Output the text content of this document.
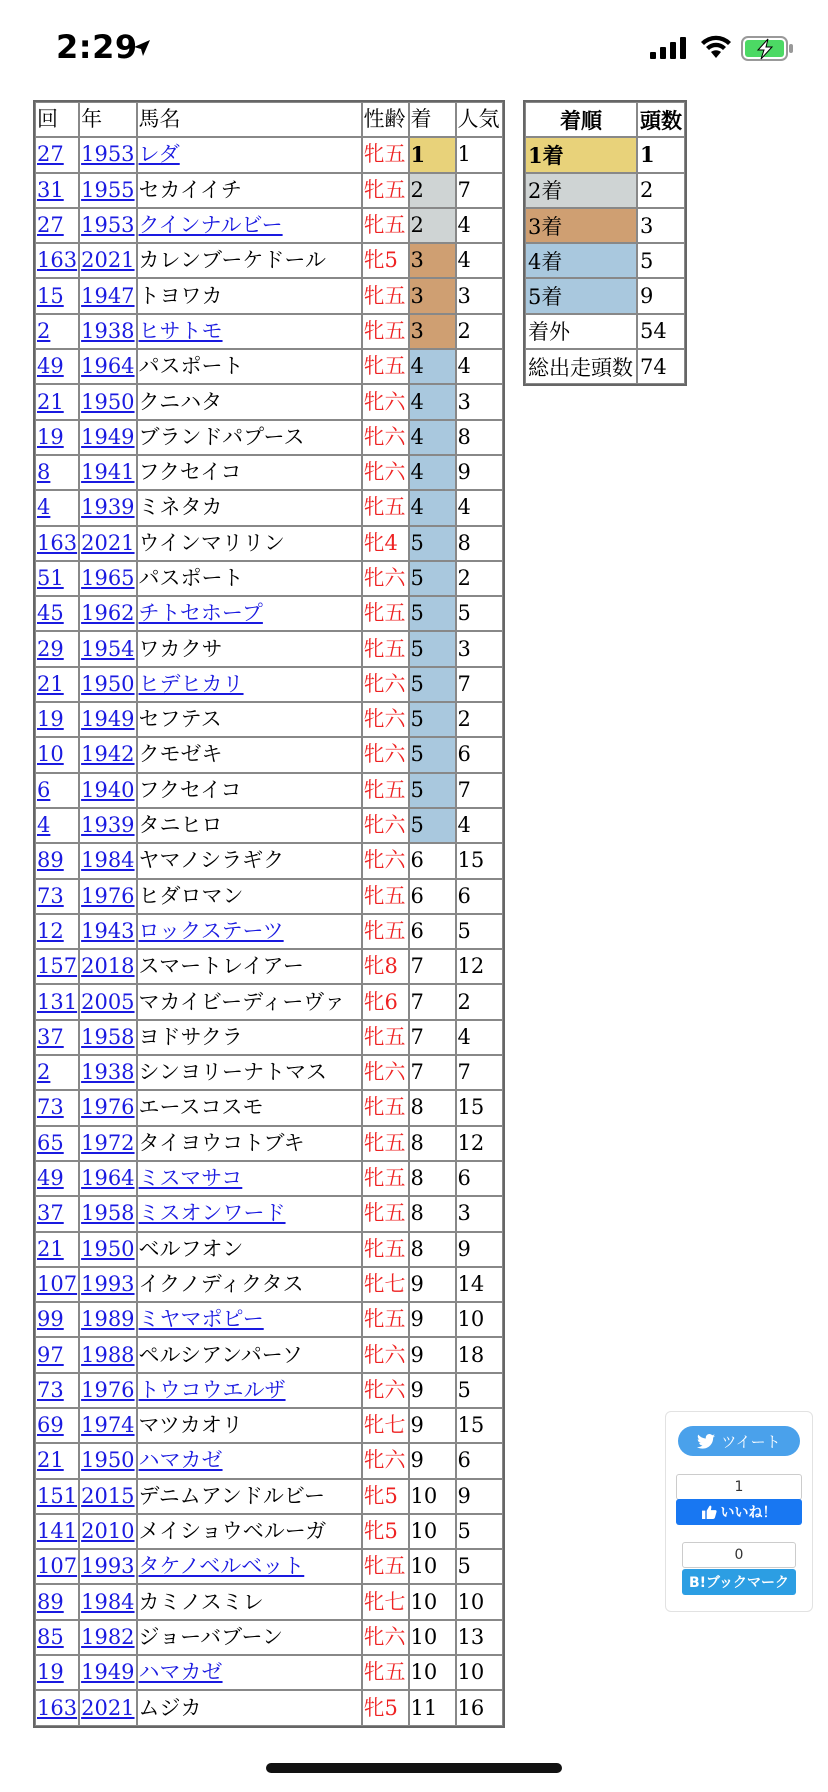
2:29
回	年	馬名	性齢	着	人気
27	1953	レダ	牝五	1	1
31	1955	セカイイチ	牝五	2	7
27	1953	クインナルビー	牝五	2	4
163	2021	カレンブーケドール	牝5	3	4
15	1947	トヨワカ	牝五	3	3
2	1938	ヒサトモ	牝五	3	2
49	1964	パスポート	牝五	4	4
21	1950	クニハタ	牝六	4	3
19	1949	ブランドパプース	牝六	4	8
8	1941	フクセイコ	牝六	4	9
4	1939	ミネタカ	牝五	4	4
163	2021	ウインマリリン	牝4	5	8
51	1965	パスポート	牝六	5	2
45	1962	チトセホープ	牝五	5	5
29	1954	ワカクサ	牝五	5	3
21	1950	ヒデヒカリ	牝六	5	7
19	1949	セフテス	牝六	5	2
10	1942	クモゼキ	牝六	5	6
6	1940	フクセイコ	牝五	5	7
4	1939	タニヒロ	牝六	5	4
89	1984	ヤマノシラギク	牝六	6	15
73	1976	ヒダロマン	牝五	6	6
12	1943	ロックステーツ	牝五	6	5
157	2018	スマートレイアー	牝8	7	12
131	2005	マカイビーディーヴァ	牝6	7	2
37	1958	ヨドサクラ	牝五	7	4
2	1938	シンヨリーナトマス	牝六	7	7
73	1976	エースコスモ	牝五	8	15
65	1972	タイヨウコトブキ	牝五	8	12
49	1964	ミスマサコ	牝五	8	6
37	1958	ミスオンワード	牝五	8	3
21	1950	ベルフオン	牝五	8	9
107	1993	イクノディクタス	牝七	9	14
99	1989	ミヤマポピー	牝五	9	10
97	1988	ペルシアンパーソ	牝六	9	18
73	1976	トウコウエルザ	牝六	9	5
69	1974	マツカオリ	牝七	9	15
21	1950	ハマカゼ	牝六	9	6
151	2015	デニムアンドルビー	牝5	10	9
141	2010	メイショウベルーガ	牝5	10	5
107	1993	タケノベルベット	牝五	10	5
89	1984	カミノスミレ	牝七	10	10
85	1982	ジョーバブーン	牝六	10	13
19	1949	ハマカゼ	牝五	10	10
163	2021	ムジカ	牝5	11	16
着順	頭数
1着	1
2着	2
3着	3
4着	5
5着	9
着外	54
総出走頭数	74
ツイート
1
いいね！
0
B!ブックマーク
